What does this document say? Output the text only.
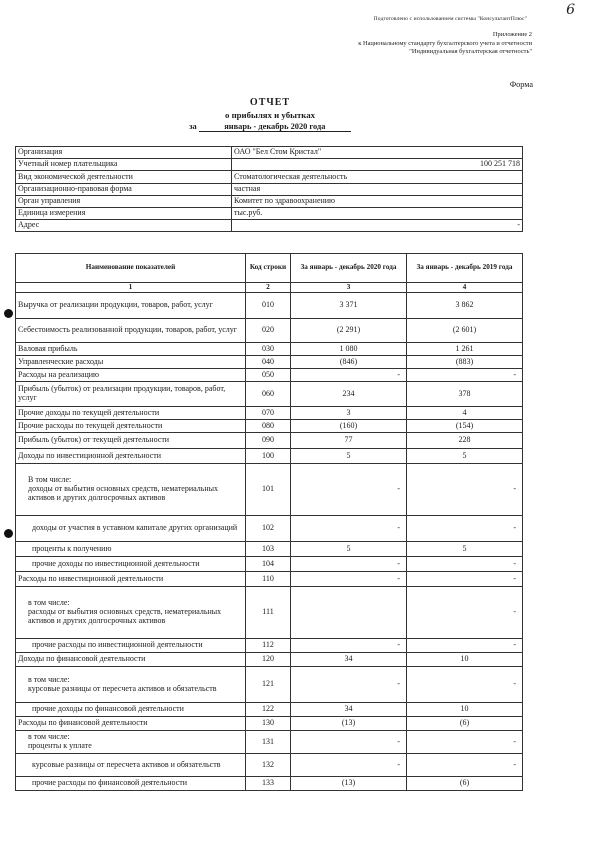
6
Подготовлено с использованием системы "КонсультантПлюс"
Приложение 2
к Национальному стандарту бухгалтерского учета и отчетности
"Индивидуальная бухгалтерская отчетность"
Форма
ОТЧЕТ
о прибылях и убытках
за	январь - декабрь 2020 года
Организация	ОАО "Бел Стом Кристал"
Учетный номер плательщика	100 251 718
Вид экономической деятельности	Стоматологическая деятельность
Организационно-правовая форма	частная
Орган управления	Комитет по здравоохранению
Единица измерения	тыс.руб.
Адрес	-
Наименование показателей	Код строки	За январь - декабрь 2020 года	За январь - декабрь 2019 года
1	2	3	4
Выручка от реализации продукции, товаров, работ, услуг	010	3 371	3 862
Себестоимость реализованной продукции, товаров, работ, услуг	020	(2 291)	(2 601)
Валовая прибыль	030	1 080	1 261
Управленческие расходы	040	(846)	(883)
Расходы на реализацию	050	-	-
Прибыль (убыток) от реализации продукции, товаров, работ, услуг	060	234	378
Прочие доходы по текущей деятельности	070	3	4
Прочие расходы по текущей деятельности	080	(160)	(154)
Прибыль (убыток) от текущей деятельности	090	77	228
Доходы по инвестиционной деятельности	100	5	5
В том числе:
доходы от выбытия основных средств, нематериальных активов и других долгосрочных активов	101	-	-
доходы от участия в уставном капитале других организаций	102	-	-
проценты к получению	103	5	5
прочие доходы по инвестиционной деятельности	104	-	-
Расходы по инвестиционной деятельности	110	-	-
в том числе:
расходы от выбытия основных средств, нематериальных активов и других долгосрочных активов	111		-
прочие расходы по инвестиционной деятельности	112	-	-
Доходы по финансовой деятельности	120	34	10
в том числе:
курсовые разницы от пересчета активов и обязательств	121	-	-
прочие доходы по финансовой деятельности	122	34	10
Расходы по финансовой деятельности	130	(13)	(6)
в том числе:
проценты к уплате	131	-	-
курсовые разницы от пересчета активов и обязательств	132	-	-
прочие расходы по финансовой деятельности	133	(13)	(6)
